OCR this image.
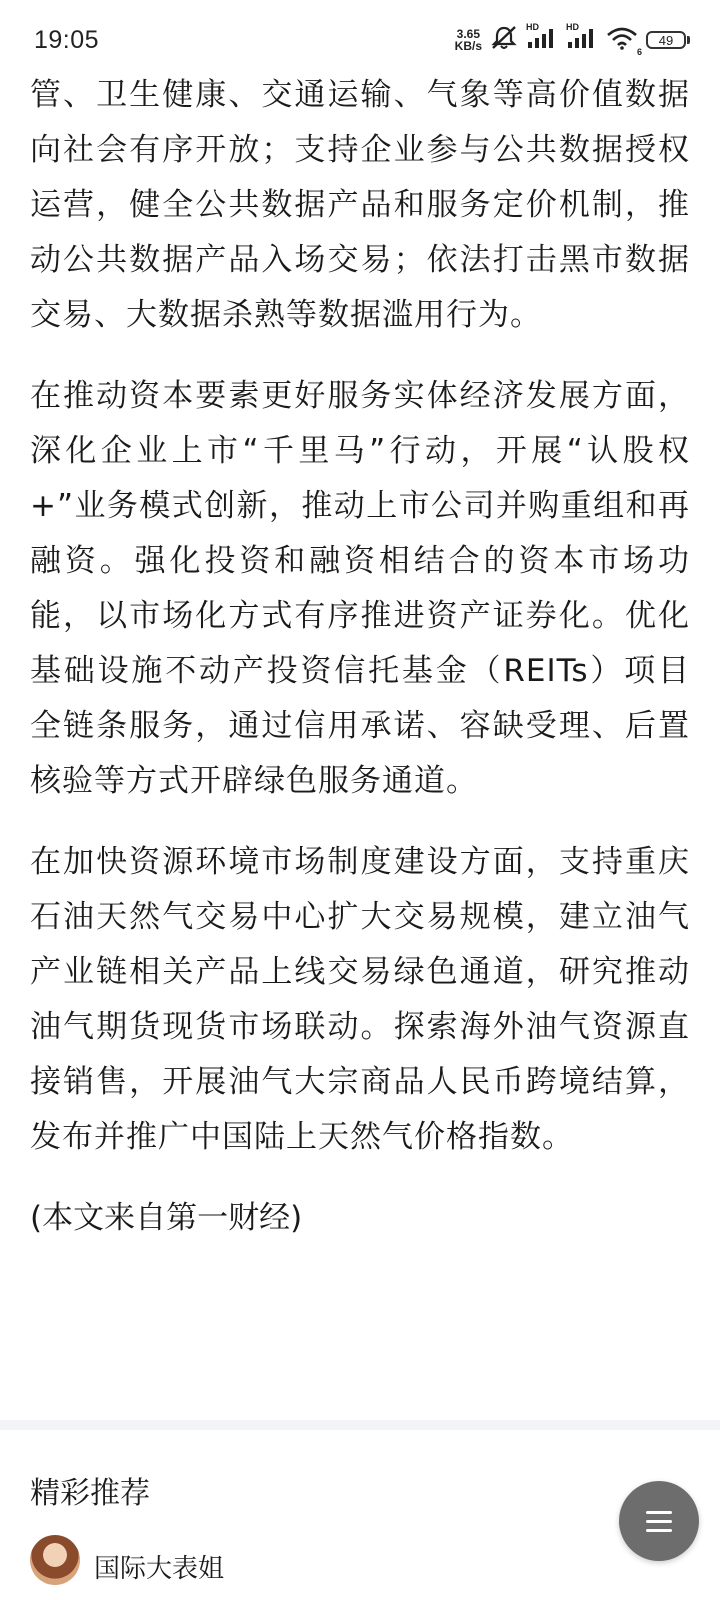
19:05	3.65
KB/s
HD	HD
6
49

管、卫生健康、交通运输、气象等高价值数据向社会有序开放；支持企业参与公共数据授权运营，健全公共数据产品和服务定价机制，推动公共数据产品入场交易；依法打击黑市数据交易、大数据杀熟等数据滥用行为。

在推动资本要素更好服务实体经济发展方面，深化企业上市“千里马”行动，开展“认股权+”业务模式创新，推动上市公司并购重组和再融资。强化投资和融资相结合的资本市场功能，以市场化方式有序推进资产证券化。优化基础设施不动产投资信托基金（REITs）项目全链条服务，通过信用承诺、容缺受理、后置核验等方式开辟绿色服务通道。

在加快资源环境市场制度建设方面，支持重庆石油天然气交易中心扩大交易规模，建立油气产业链相关产品上线交易绿色通道，研究推动油气期货现货市场联动。探索海外油气资源直接销售，开展油气大宗商品人民币跨境结算，发布并推广中国陆上天然气价格指数。

(本文来自第一财经)

精彩推荐
国际大表姐
